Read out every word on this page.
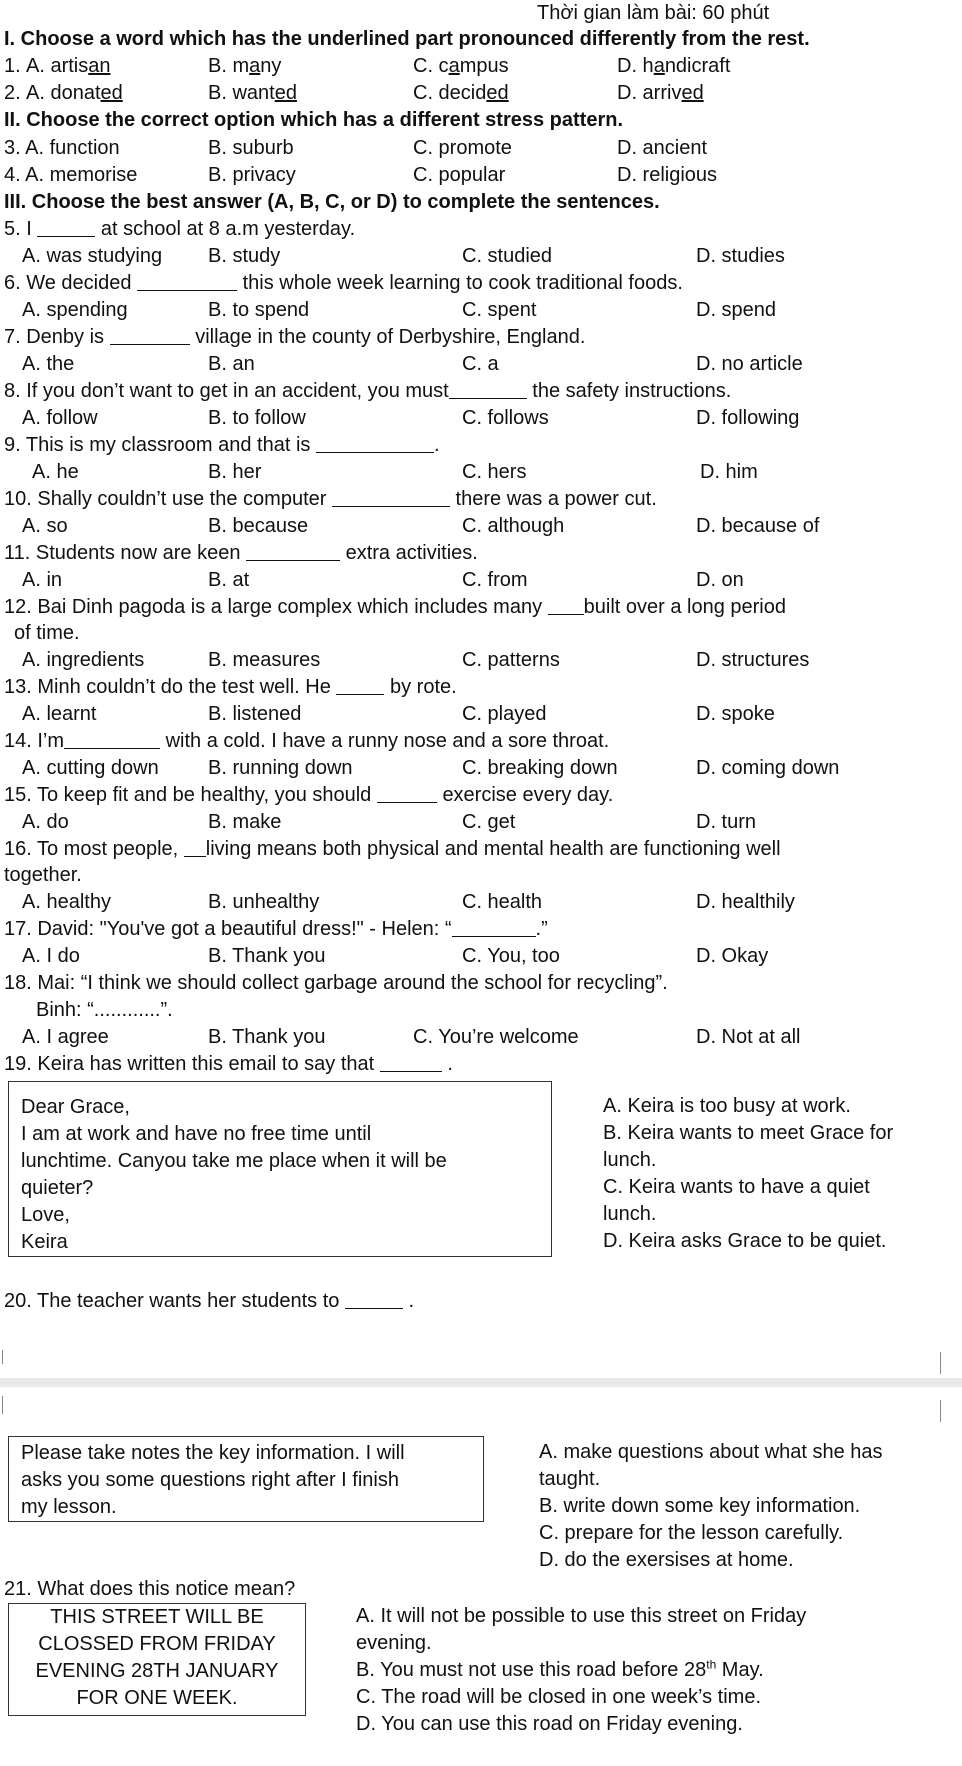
Thời gian làm bài: 60 phút
I. Choose a word which has the underlined part pronounced differently from the rest.
1. A. artisan	B. many	C. campus	D. handicraft
2. A. donated	B. wanted	C. decided	D. arrived
II. Choose the correct option which has a different stress pattern.
3. A. function	B. suburb	C. promote	D. ancient
4. A. memorise	B. privacy	C. popular	D. religious
III. Choose the best answer (A, B, C, or D) to complete the sentences.
5. I	at school at 8 a.m yesterday.
A. was studying B. study	C. studied	D. studies
6. We decided	this whole week learning to cook traditional foods.
A. spending	B. to spend	C. spent	D. spend
7. Denby is	village in the county of Derbyshire, England.
A. the	B. an	C. a	D. no article
8. If you don’t want to get in an accident, you must	the safety instructions.
A. follow	B. to follow	C. follows	D. following
9. This is my classroom and that is	.
A. he	B. her	C. hers	D. him
10. Shally couldn’t use the computer	there was a power cut.
A. so	B. because	C. although	D. because of
11. Students now are keen	extra activities.
A. in	B. at	C. from	D. on
12. Bai Dinh pagoda is a large complex which includes many built over a long period
of time.
A. ingredients	B. measures	C. patterns	D. structures
13. Minh couldn’t do the test well. He	by rote.
A. learnt	B. listened	C. played	D. spoke
14. I’m	with a cold. I have a runny nose and a sore throat.
A. cutting down B. running down	C. breaking down	D. coming down
15. To keep fit and be healthy, you should	exercise every day.
A. do	B. make	C. get	D. turn
16. To most people, living means both physical and mental health are functioning well
together.
A. healthy	B. unhealthy	C. health	D. healthily
17. David: "You've got a beautiful dress!" - Helen: “	.”
A. I do	B. Thank you	C. You, too	D. Okay
18. Mai: “I think we should collect garbage around the school for recycling”.
Binh: “............”.
A. I agree	B. Thank you	C. You’re welcome	D. Not at all
19. Keira has written this email to say that	.
Dear Grace,
I am at work and have no free time until
lunchtime. Canyou take me place when it will be
quieter?
Love,
Keira
A. Keira is too busy at work.
B. Keira wants to meet Grace for
lunch.
C. Keira wants to have a quiet
lunch.
D. Keira asks Grace to be quiet.
20. The teacher wants her students to	.
Please take notes the key information. I will
asks you some questions right after I finish
my lesson.
A. make questions about what she has
taught.
B. write down some key information.
C. prepare for the lesson carefully.
D. do the exersises at home.
21. What does this notice mean?
THIS STREET WILL BE
CLOSSED FROM FRIDAY
EVENING 28TH JANUARY
FOR ONE WEEK.
A. It will not be possible to use this street on Friday
evening.
B. You must not use this road before 28th May.
C. The road will be closed in one week’s time.
D. You can use this road on Friday evening.
